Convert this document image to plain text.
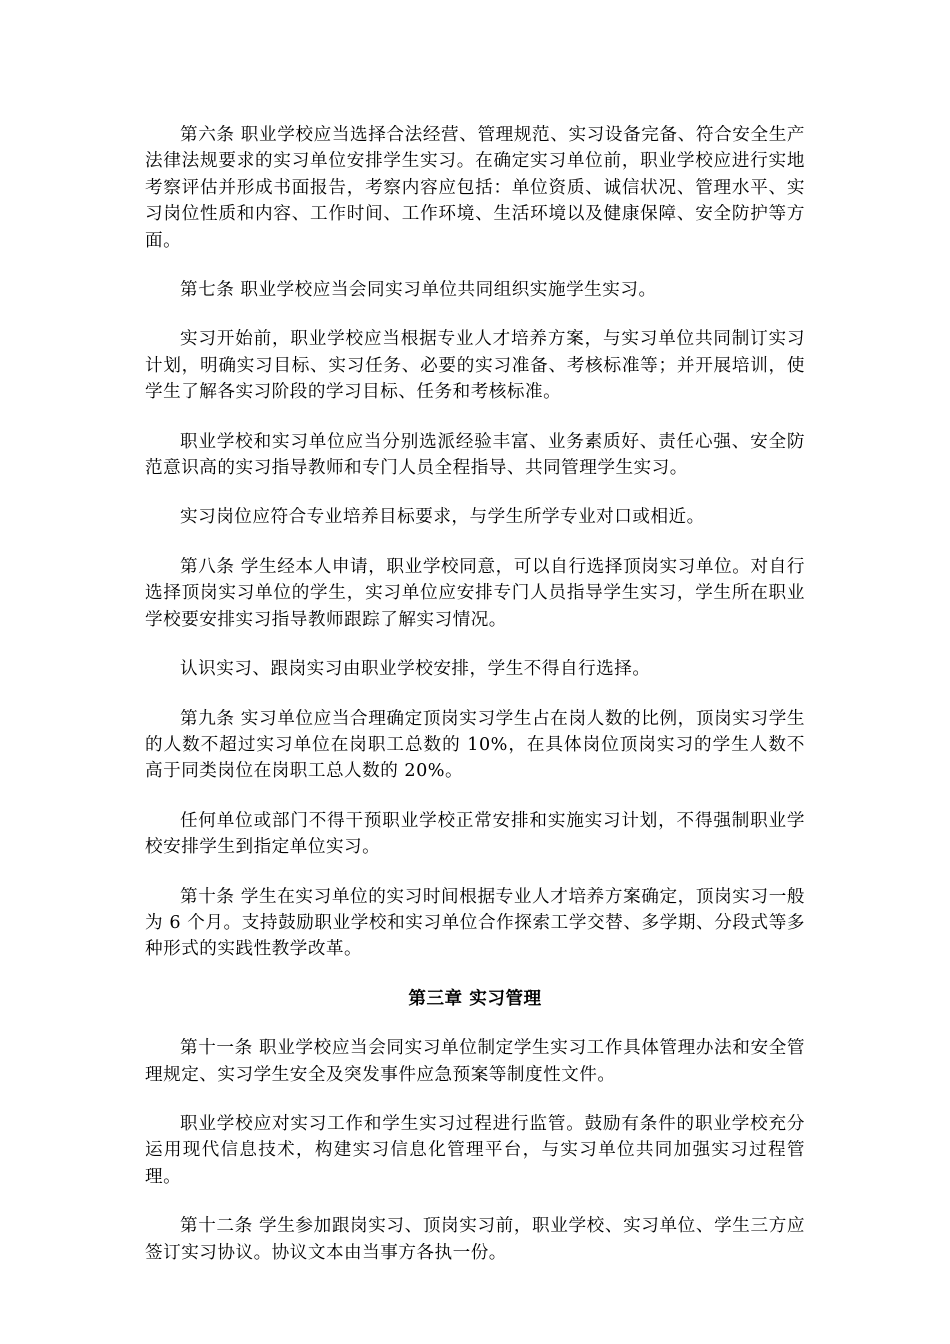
第六条 职业学校应当选择合法经营、管理规范、实习设备完备、符合安全生产法律法规要求的实习单位安排学生实习。在确定实习单位前，职业学校应进行实地考察评估并形成书面报告，考察内容应包括：单位资质、诚信状况、管理水平、实习岗位性质和内容、工作时间、工作环境、生活环境以及健康保障、安全防护等方面。

第七条 职业学校应当会同实习单位共同组织实施学生实习。

实习开始前，职业学校应当根据专业人才培养方案，与实习单位共同制订实习计划，明确实习目标、实习任务、必要的实习准备、考核标准等；并开展培训，使学生了解各实习阶段的学习目标、任务和考核标准。

职业学校和实习单位应当分别选派经验丰富、业务素质好、责任心强、安全防范意识高的实习指导教师和专门人员全程指导、共同管理学生实习。

实习岗位应符合专业培养目标要求，与学生所学专业对口或相近。

第八条 学生经本人申请，职业学校同意，可以自行选择顶岗实习单位。对自行选择顶岗实习单位的学生，实习单位应安排专门人员指导学生实习，学生所在职业学校要安排实习指导教师跟踪了解实习情况。

认识实习、跟岗实习由职业学校安排，学生不得自行选择。

第九条 实习单位应当合理确定顶岗实习学生占在岗人数的比例，顶岗实习学生的人数不超过实习单位在岗职工总数的 10%，在具体岗位顶岗实习的学生人数不高于同类岗位在岗职工总人数的 20%。

任何单位或部门不得干预职业学校正常安排和实施实习计划，不得强制职业学校安排学生到指定单位实习。

第十条 学生在实习单位的实习时间根据专业人才培养方案确定，顶岗实习一般为 6 个月。支持鼓励职业学校和实习单位合作探索工学交替、多学期、分段式等多种形式的实践性教学改革。

第三章 实习管理

第十一条 职业学校应当会同实习单位制定学生实习工作具体管理办法和安全管理规定、实习学生安全及突发事件应急预案等制度性文件。

职业学校应对实习工作和学生实习过程进行监管。鼓励有条件的职业学校充分运用现代信息技术，构建实习信息化管理平台，与实习单位共同加强实习过程管理。

第十二条 学生参加跟岗实习、顶岗实习前，职业学校、实习单位、学生三方应签订实习协议。协议文本由当事方各执一份。
